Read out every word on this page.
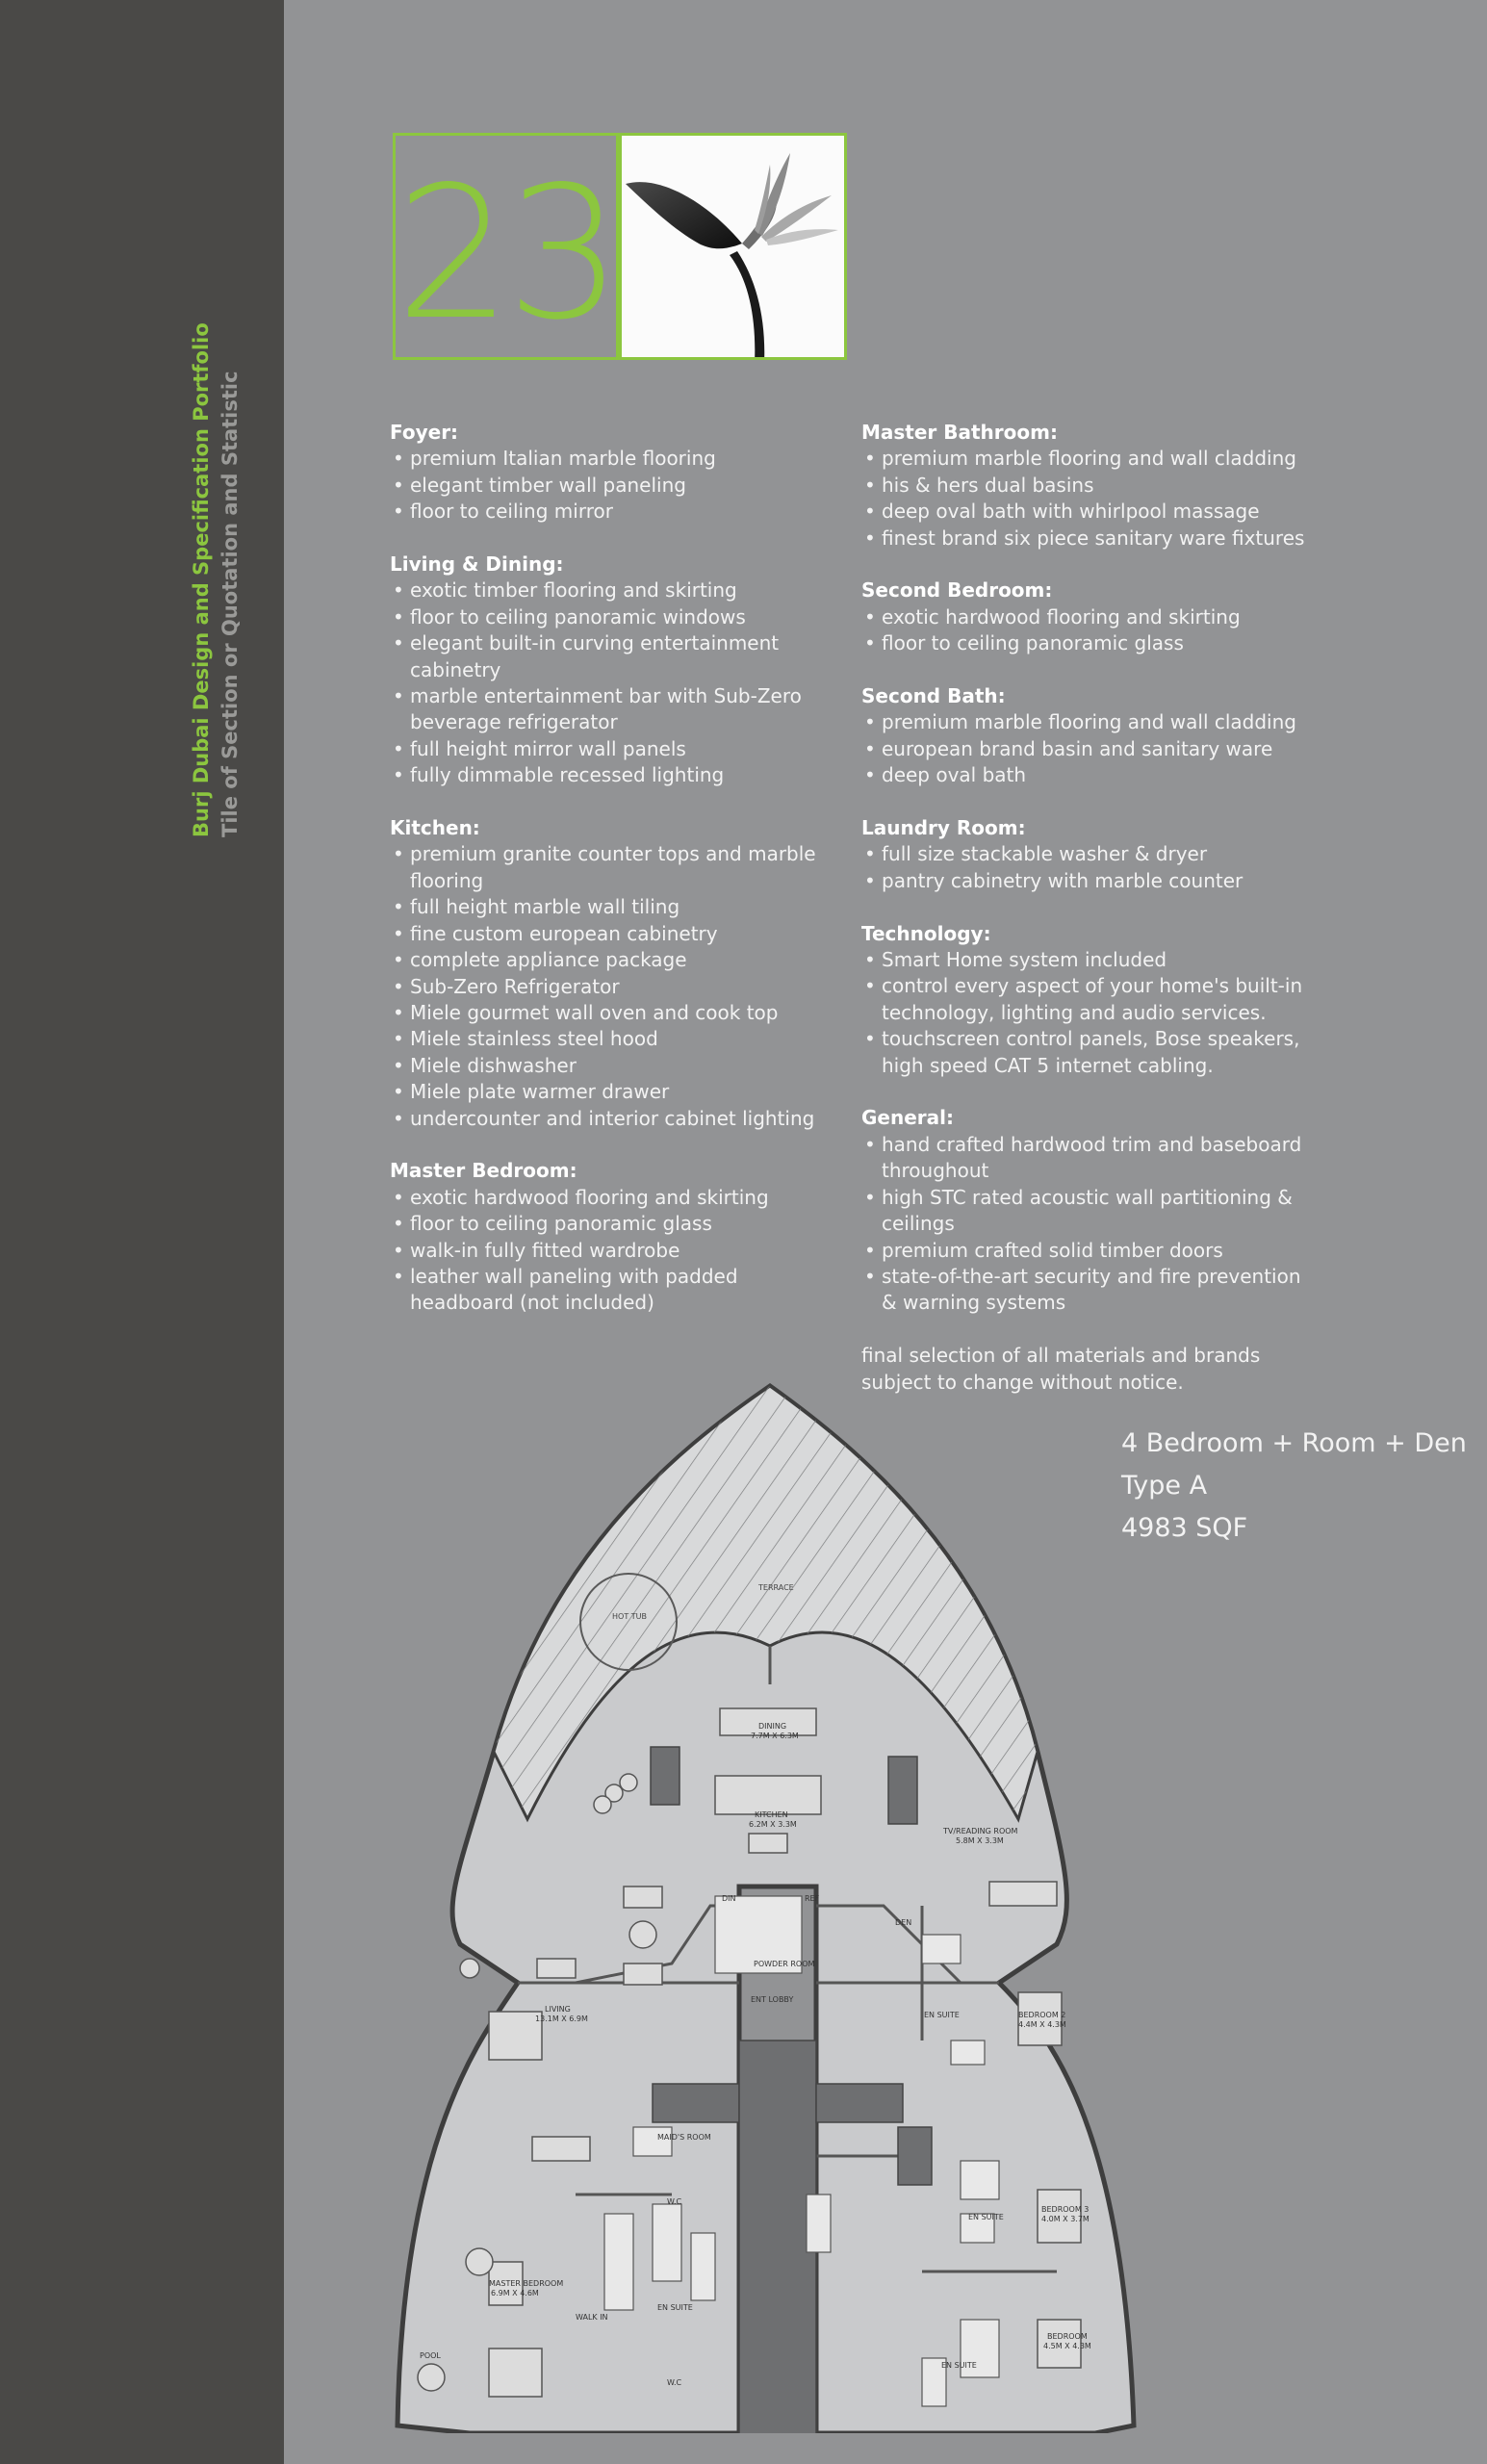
Burj Dubai Design and Specification Portfolio Tile of Section or Quotation and Statistic
23
Foyer:
• premium Italian marble flooring
• elegant timber wall paneling
• floor to ceiling mirror
Living & Dining:
• exotic timber flooring and skirting
• floor to ceiling panoramic windows
• elegant built-in curving entertainment cabinetry
• marble entertainment bar with Sub-Zero beverage refrigerator
• full height mirror wall panels
• fully dimmable recessed lighting
Kitchen:
• premium granite counter tops and marble flooring
• full height marble wall tiling
• fine custom european cabinetry
• complete appliance package
• Sub-Zero Refrigerator
• Miele gourmet wall oven and cook top
• Miele stainless steel hood
• Miele dishwasher
• Miele plate warmer drawer
• undercounter and interior cabinet lighting
Master Bedroom:
• exotic hardwood flooring and skirting
• floor to ceiling panoramic glass
• walk-in fully fitted wardrobe
• leather wall paneling with padded headboard (not included)
Master Bathroom:
• premium marble flooring and wall cladding
• his & hers dual basins
• deep oval bath with whirlpool massage
• finest brand six piece sanitary ware fixtures
Second Bedroom:
• exotic hardwood flooring and skirting
• floor to ceiling panoramic glass
Second Bath:
• premium marble flooring and wall cladding
• european brand basin and sanitary ware
• deep oval bath
Laundry Room:
• full size stackable washer & dryer
• pantry cabinetry with marble counter
Technology:
• Smart Home system included
• control every aspect of your home's built-in technology, lighting and audio services.
• touchscreen control panels, Bose speakers, high speed CAT 5 internet cabling.
General:
• hand crafted hardwood trim and baseboard throughout
• high STC rated acoustic wall partitioning & ceilings
• premium crafted solid timber doors
• state-of-the-art security and fire prevention & warning systems

final selection of all materials and brands subject to change without notice.

4 Bedroom + Room + Den
Type A
4983 SQF
HOT TUB
TERRACE
DINING
7.7M X 6.3M
KITCHEN
6.2M X 3.3M
TV/READING ROOM
5.8M X 3.3M
DIN	REF
DEN
POWDER ROOM
ENT LOBBY
LIVING
13.1M X 6.9M	EN SUITE	BEDROOM 2
4.4M X 4.3M
MAID'S ROOM
W.C
EN SUITE
BEDROOM 3
4.0M X 3.7M
EN SUITE
MASTER BEDROOM
6.9M X 4.6M
WALK IN
W.C
EN SUITE
BEDROOM
4.5M X 4.3M
POOL
